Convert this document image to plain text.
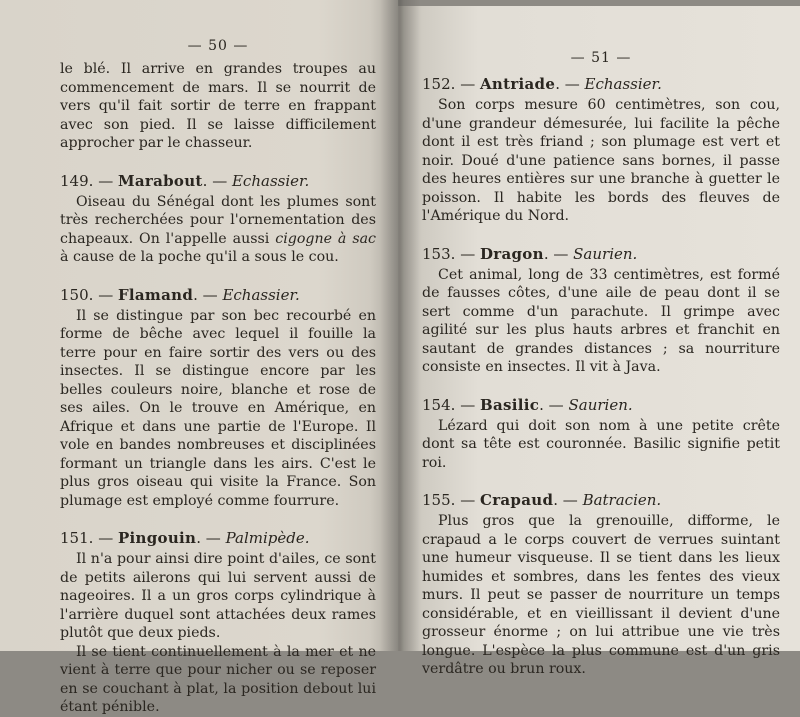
— 50 —

le blé. Il arrive en grandes troupes au commencement de mars. Il se nourrit de vers qu'il fait sortir de terre en frappant avec son pied. Il se laisse difficilement approcher par le chasseur.

149. — Marabout. — Echassier.

Oiseau du Sénégal dont les plumes sont très recherchées pour l'ornementation des chapeaux. On l'appelle aussi cigogne à sac à cause de la poche qu'il a sous le cou.

150. — Flamand. — Echassier.

Il se distingue par son bec recourbé en forme de bêche avec lequel il fouille la terre pour en faire sortir des vers ou des insectes. Il se distingue encore par les belles couleurs noire, blanche et rose de ses ailes. On le trouve en Amérique, en Afrique et dans une partie de l'Europe. Il vole en bandes nombreuses et disciplinées formant un triangle dans les airs. C'est le plus gros oiseau qui visite la France. Son plumage est employé comme fourrure.

151. — Pingouin. — Palmipède.

Il n'a pour ainsi dire point d'ailes, ce sont de petits ailerons qui lui servent aussi de nageoires. Il a un gros corps cylindrique à l'arrière duquel sont attachées deux rames plutôt que deux pieds.

Il se tient continuellement à la mer et ne vient à terre que pour nicher ou se reposer en se couchant à plat, la position debout lui étant pénible.

— 51 —
152. — Antriade. — Echassier.

Son corps mesure 60 centimètres, son cou, d'une grandeur démesurée, lui facilite la pêche dont il est très friand ; son plumage est vert et noir. Doué d'une patience sans bornes, il passe des heures entières sur une branche à guetter le poisson. Il habite les bords des fleuves de l'Amérique du Nord.

153. — Dragon. — Saurien.

Cet animal, long de 33 centimètres, est formé de fausses côtes, d'une aile de peau dont il se sert comme d'un parachute. Il grimpe avec agilité sur les plus hauts arbres et franchit en sautant de grandes distances ; sa nourriture consiste en insectes. Il vit à Java.

154. — Basilic. — Saurien.

Lézard qui doit son nom à une petite crête dont sa tête est couronnée. Basilic signifie petit roi.

155. — Crapaud. — Batracien.

Plus gros que la grenouille, difforme, le crapaud a le corps couvert de verrues suintant une humeur visqueuse. Il se tient dans les lieux humides et sombres, dans les fentes des vieux murs. Il peut se passer de nourriture un temps considérable, et en vieillissant il devient d'une grosseur énorme ; on lui attribue une vie très longue. L'espèce la plus commune est d'un gris verdâtre ou brun roux.
